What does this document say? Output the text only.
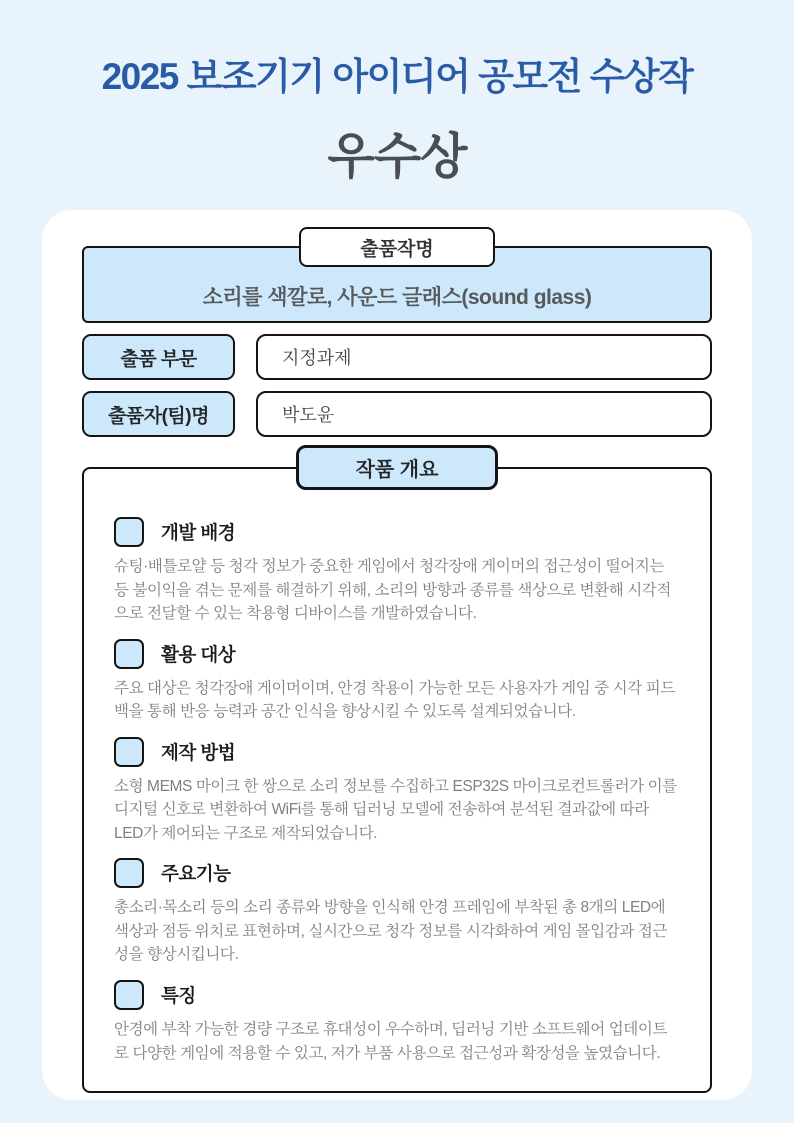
2025 보조기기 아이디어 공모전 수상작
우수상
출품작명
소리를 색깔로, 사운드 글래스(sound glass)
출품 부문	지정과제
출품자(팀)명	박도윤
작품 개요
개발 배경

슈팅·배틀로얄 등 청각 정보가 중요한 게임에서 청각장애 게이머의 접근성이 떨어지는 등 불이익을 겪는 문제를 해결하기 위해, 소리의 방향과 종류를 색상으로 변환해 시각적으로 전달할 수 있는 착용형 디바이스를 개발하였습니다.

활용 대상

주요 대상은 청각장애 게이머이며, 안경 착용이 가능한 모든 사용자가 게임 중 시각 피드백을 통해 반응 능력과 공간 인식을 향상시킬 수 있도록 설계되었습니다.

제작 방법

소형 MEMS 마이크 한 쌍으로 소리 정보를 수집하고 ESP32S 마이크로컨트롤러가 이를 디지털 신호로 변환하여 WiFi를 통해 딥러닝 모델에 전송하여 분석된 결과값에 따라 LED가 제어되는 구조로 제작되었습니다.

주요기능

총소리·목소리 등의 소리 종류와 방향을 인식해 안경 프레임에 부착된 총 8개의 LED에 색상과 점등 위치로 표현하며, 실시간으로 청각 정보를 시각화하여 게임 몰입감과 접근성을 향상시킵니다.

특징

안경에 부착 가능한 경량 구조로 휴대성이 우수하며, 딥러닝 기반 소프트웨어 업데이트로 다양한 게임에 적용할 수 있고, 저가 부품 사용으로 접근성과 확장성을 높였습니다.
